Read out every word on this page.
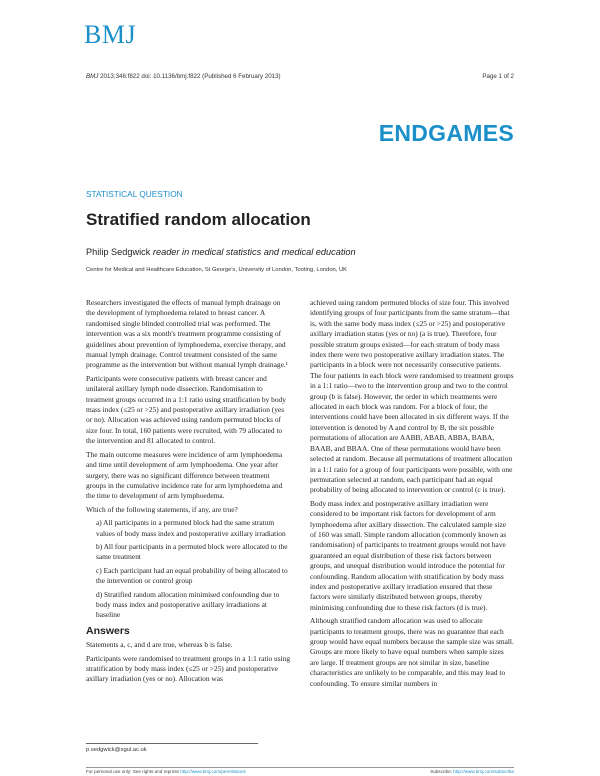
BMJ
BMJ 2013;346:f822 doi: 10.1136/bmj.f822 (Published 6 February 2013)	Page 1 of 2
ENDGAMES
STATISTICAL QUESTION
Stratified random allocation
Philip Sedgwick reader in medical statistics and medical education
Centre for Medical and Healthcare Education, St George's, University of London, Tooting, London, UK

Researchers investigated the effects of manual lymph drainage on the development of lymphoedema related to breast cancer. A randomised single blinded controlled trial was performed. The intervention was a six month's treatment programme consisting of guidelines about prevention of lymphoedema, exercise therapy, and manual lymph drainage. Control treatment consisted of the same programme as the intervention but without manual lymph drainage.¹

Participants were consecutive patients with breast cancer and unilateral axillary lymph node dissection. Randomisation to treatment groups occurred in a 1:1 ratio using stratification by body mass index (≤25 or >25) and postoperative axillary irradiation (yes or no). Allocation was achieved using random permuted blocks of size four. In total, 160 patients were recruited, with 79 allocated to the intervention and 81 allocated to control.

The main outcome measures were incidence of arm lymphoedema and time until development of arm lymphoedema. One year after surgery, there was no significant difference between treatment groups in the cumulative incidence rate for arm lymphoedema and the time to development of arm lymphoedema.

Which of the following statements, if any, are true?

a) All participants in a permuted block had the same stratum values of body mass index and postoperative axillary irradiation

b) All four participants in a permuted block were allocated to the same treatment

c) Each participant had an equal probability of being allocated to the intervention or control group

d) Stratified random allocation minimised confounding due to body mass index and postoperative axillary irradiations at baseline

Answers

Statements a, c, and d are true, whereas b is false.

Participants were randomised to treatment groups in a 1:1 ratio using stratification by body mass index (≤25 or >25) and postoperative axillary irradiation (yes or no). Allocation was

achieved using random permuted blocks of size four. This involved identifying groups of four participants from the same stratum—that is, with the same body mass index (≤25 or >25) and postoperative axillary irradiation status (yes or no) (a is true). Therefore, four possible stratum groups existed—for each stratum of body mass index there were two postoperative axillary irradiation states. The participants in a block were not necessarily consecutive patients. The four patients in each block were randomised to treatment groups in a 1:1 ratio—two to the intervention group and two to the control group (b is false). However, the order in which treatments were allocated in each block was random. For a block of four, the interventions could have been allocated in six different ways. If the intervention is denoted by A and control by B, the six possible permutations of allocation are AABB, ABAB, ABBA, BABA, BAAB, and BBAA. One of these permutations would have been selected at random. Because all permutations of treatment allocation in a 1:1 ratio for a group of four participants were possible, with one permutation selected at random, each participant had an equal probability of being allocated to intervention or control (c is true).

Body mass index and postoperative axillary irradiation were considered to be important risk factors for development of arm lymphoedema after axillary dissection. The calculated sample size of 160 was small. Simple random allocation (commonly known as randomisation) of participants to treatment groups would not have guaranteed an equal distribution of these risk factors between groups, and unequal distribution would introduce the potential for confounding. Random allocation with stratification by body mass index and postoperative axillary irradiation ensured that these factors were similarly distributed between groups, thereby minimising confounding due to these risk factors (d is true).

Although stratified random allocation was used to allocate participants to treatment groups, there was no guarantee that each group would have equal numbers because the sample size was small. Groups are more likely to have equal numbers when sample sizes are large. If treatment groups are not similar in size, baseline characteristics are unlikely to be comparable, and this may lead to confounding. To ensure similar numbers in

p.sedgwick@sgul.ac.uk
For personal use only: See rights and reprints http://www.bmj.com/permissions	Subscribe: http://www.bmj.com/subscribe
